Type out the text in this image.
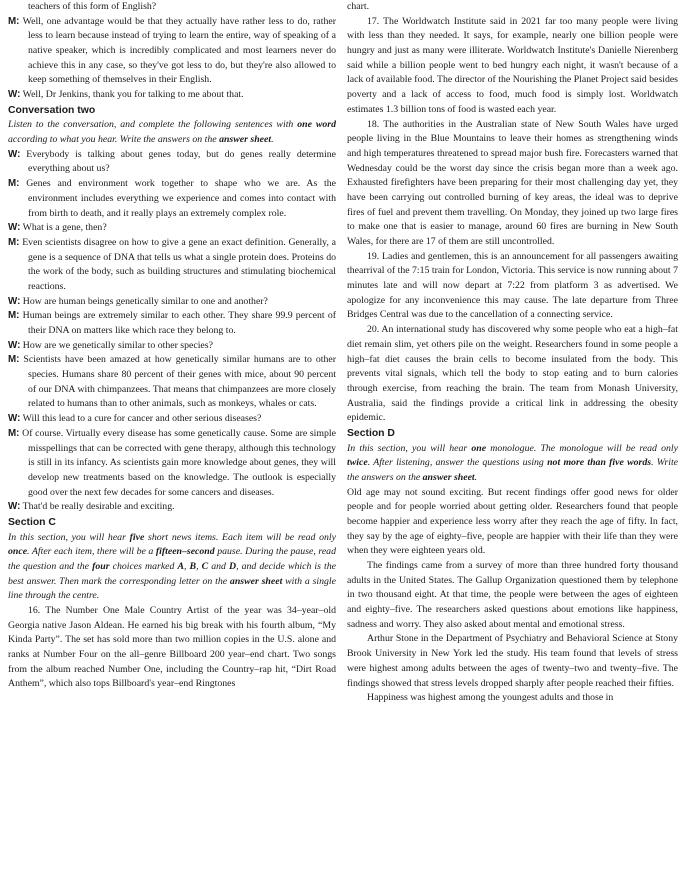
teachers of this form of English?

M: Well, one advantage would be that they actually have rather less to do, rather less to learn because instead of trying to learn the entire, way of speaking of a native speaker, which is incredibly complicated and most learners never do achieve this in any case, so they've got less to do, but they're also allowed to keep something of themselves in their English.

W: Well, Dr Jenkins, thank you for talking to me about that.

Conversation two

Listen to the conversation, and complete the following sentences with one word according to what you hear. Write the answers on the answer sheet.

W: Everybody is talking about genes today, but do genes really determine everything about us?

M: Genes and environment work together to shape who we are. As the environment includes everything we experience and comes into contact with from birth to death, and it really plays an extremely complex role.

W: What is a gene, then?

M: Even scientists disagree on how to give a gene an exact definition. Generally, a gene is a sequence of DNA that tells us what a single protein does. Proteins do the work of the body, such as building structures and stimulating biochemical reactions.

W: How are human beings genetically similar to one and another?

M: Human beings are extremely similar to each other. They share 99.9 percent of their DNA on matters like which race they belong to.

W: How are we genetically similar to other species?

M: Scientists have been amazed at how genetically similar humans are to other species. Humans share 80 percent of their genes with mice, about 90 percent of our DNA with chimpanzees. That means that chimpanzees are more closely related to humans than to other animals, such as monkeys, whales or cats.

W: Will this lead to a cure for cancer and other serious diseases?

M: Of course. Virtually every disease has some genetically cause. Some are simple misspellings that can be corrected with gene therapy, although this technology is still in its infancy. As scientists gain more knowledge about genes, they will develop new treatments based on the knowledge. The outlook is especially good over the next few decades for some cancers and diseases.

W: That'd be really desirable and exciting.

Section C

In this section, you will hear five short news items. Each item will be read only once. After each item, there will be a fifteen–second pause. During the pause, read the question and the four choices marked A, B, C and D, and decide which is the best answer. Then mark the corresponding letter on the answer sheet with a single line through the centre.

16. The Number One Male Country Artist of the year was 34–year–old Georgia native Jason Aldean. He earned his big break with his fourth album, “My Kinda Party”. The set has sold more than two million copies in the U.S. alone and ranks at Number Four on the all–genre Billboard 200 year–end chart. Two songs from the album reached Number One, including the Country–rap hit, “Dirt Road Anthem”, which also tops Billboard's year–end Ringtones

chart.

17. The Worldwatch Institute said in 2021 far too many people were living with less than they needed. It says, for example, nearly one billion people were hungry and just as many were illiterate. Worldwatch Institute's Danielle Nierenberg said while a billion people went to bed hungry each night, it wasn't because of a lack of available food. The director of the Nourishing the Planet Project said besides poverty and a lack of access to food, much food is simply lost. Worldwatch estimates 1.3 billion tons of food is wasted each year.

18. The authorities in the Australian state of New South Wales have urged people living in the Blue Mountains to leave their homes as strengthening winds and high temperatures threatened to spread major bush fire. Forecasters warned that Wednesday could be the worst day since the crisis began more than a week ago. Exhausted firefighters have been preparing for their most challenging day yet, they have been carrying out controlled burning of key areas, the ideal was to deprive fires of fuel and prevent them travelling. On Monday, they joined up two large fires to make one that is easier to manage, around 60 fires are burning in New South Wales, for there are 17 of them are still uncontrolled.

19. Ladies and gentlemen, this is an announcement for all passengers awaiting thearrival of the 7:15 train for London, Victoria. This service is now running about 7 minutes late and will now depart at 7:22 from platform 3 as advertised. We apologize for any inconvenience this may cause. The late departure from Three Bridges Central was due to the cancellation of a connecting service.

20. An international study has discovered why some people who eat a high–fat diet remain slim, yet others pile on the weight. Researchers found in some people a high–fat diet causes the brain cells to become insulated from the body. This prevents vital signals, which tell the body to stop eating and to burn calories through exercise, from reaching the brain. The team from Monash University, Australia, said the findings provide a critical link in addressing the obesity epidemic.

Section D

In this section, you will hear one monologue. The monologue will be read only twice. After listening, answer the questions using not more than five words. Write the answers on the answer sheet.

Old age may not sound exciting. But recent findings offer good news for older people and for people worried about getting older. Researchers found that people become happier and experience less worry after they reach the age of fifty. In fact, they say by the age of eighty–five, people are happier with their life than they were when they were eighteen years old.

The findings came from a survey of more than three hundred forty thousand adults in the United States. The Gallup Organization questioned them by telephone in two thousand eight. At that time, the people were between the ages of eighteen and eighty–five. The researchers asked questions about emotions like happiness, sadness and worry. They also asked about mental and emotional stress.

Arthur Stone in the Department of Psychiatry and Behavioral Science at Stony Brook University in New York led the study. His team found that levels of stress were highest among adults between the ages of twenty–two and twenty–five. The findings showed that stress levels dropped sharply after people reached their fifties.

Happiness was highest among the youngest adults and those in
